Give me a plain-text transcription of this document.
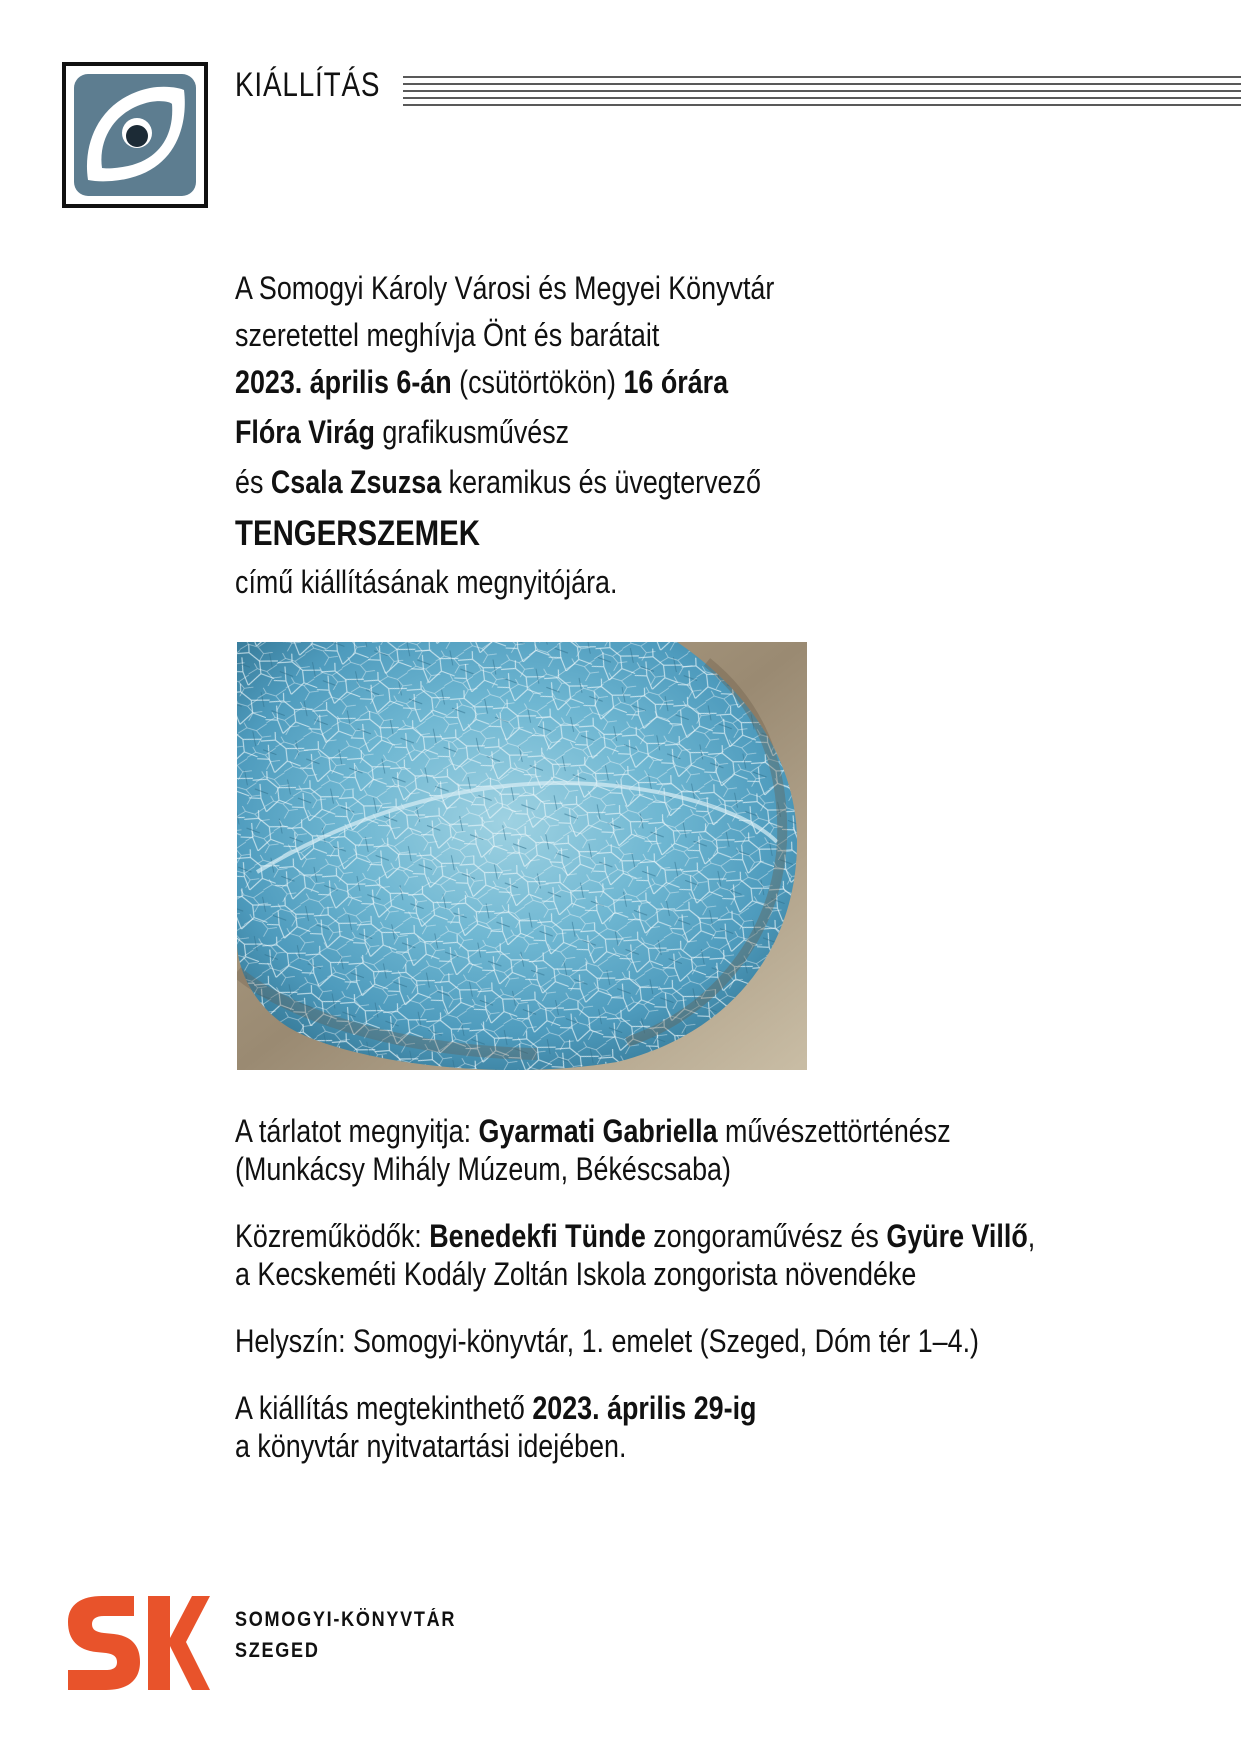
KIÁLLÍTÁS

A Somogyi Károly Városi és Megyei Könyvtár

szeretettel meghívja Önt és barátait

2023. április 6-án (csütörtökön) 16 órára

Flóra Virág grafikusművész

és Csala Zsuzsa keramikus és üvegtervező

TENGERSZEMEK

című kiállításának megnyitójára.

A tárlatot megnyitja: Gyarmati Gabriella művészettörténész

(Munkácsy Mihály Múzeum, Békéscsaba)

Közreműködők: Benedekfi Tünde zongoraművész és Gyüre Villő,

a Kecskeméti Kodály Zoltán Iskola zongorista növendéke

Helyszín: Somogyi-könyvtár, 1. emelet (Szeged, Dóm tér 1–4.)

A kiállítás megtekinthető 2023. április 29-ig

a könyvtár nyitvatartási idejében.

SOMOGYI-KÖNYVTÁR
SZEGED
